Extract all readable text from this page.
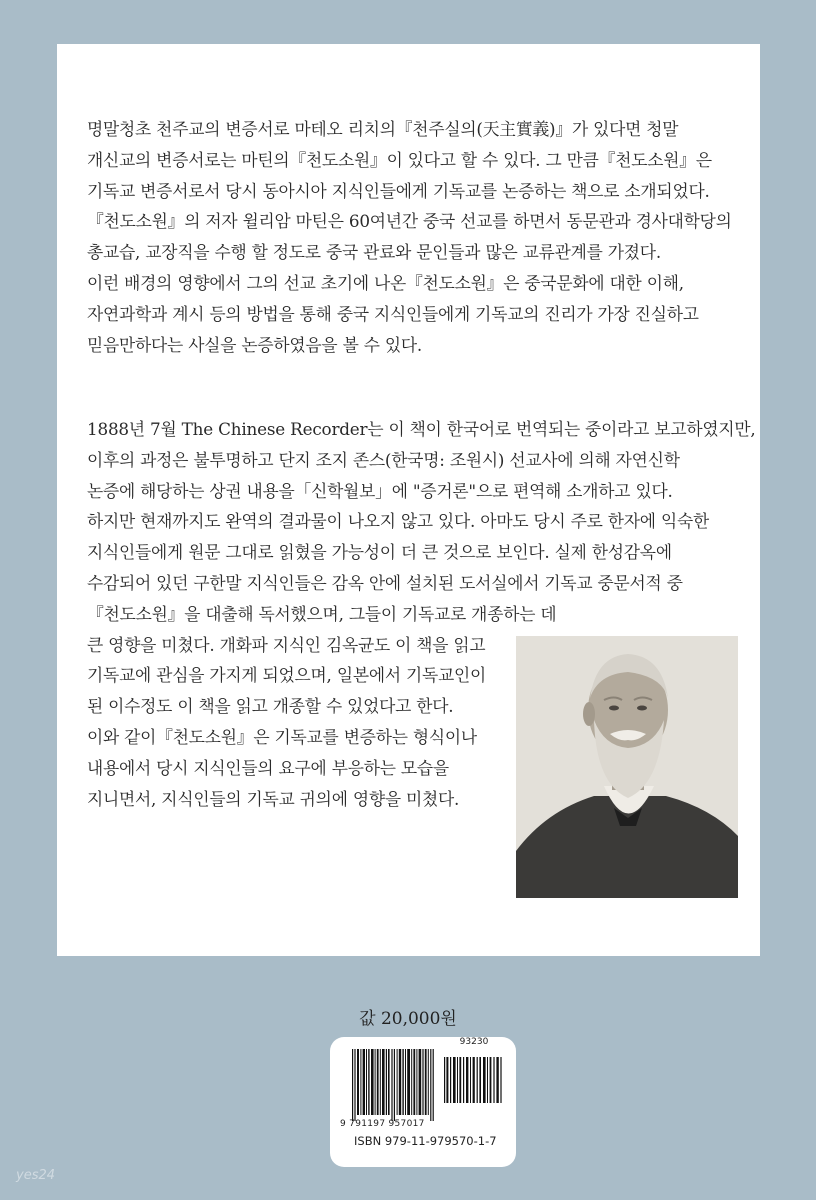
명말청초 천주교의 변증서로 마테오 리치의『천주실의(天主實義)』가 있다면 청말
개신교의 변증서로는 마틴의『천도소원』이 있다고 할 수 있다. 그 만큼『천도소원』은
기독교 변증서로서 당시 동아시아 지식인들에게 기독교를 논증하는 책으로 소개되었다.
『천도소원』의 저자 윌리암 마틴은 60여년간 중국 선교를 하면서 동문관과 경사대학당의
총교습, 교장직을 수행 할 정도로 중국 관료와 문인들과 많은 교류관계를 가졌다.
이런 배경의 영향에서 그의 선교 초기에 나온『천도소원』은 중국문화에 대한 이해,
자연과학과 계시 등의 방법을 통해 중국 지식인들에게 기독교의 진리가 가장 진실하고
믿음만하다는 사실을 논증하였음을 볼 수 있다.
1888년 7월 The Chinese Recorder는 이 책이 한국어로 번역되는 중이라고 보고하였지만,
이후의 과정은 불투명하고 단지 조지 존스(한국명: 조원시) 선교사에 의해 자연신학
논증에 해당하는 상권 내용을「신학월보」에 "증거론"으로 편역해 소개하고 있다.
하지만 현재까지도 완역의 결과물이 나오지 않고 있다. 아마도 당시 주로 한자에 익숙한
지식인들에게 원문 그대로 읽혔을 가능성이 더 큰 것으로 보인다. 실제 한성감옥에
수감되어 있던 구한말 지식인들은 감옥 안에 설치된 도서실에서 기독교 중문서적 중
『천도소원』을 대출해 독서했으며, 그들이 기독교로 개종하는 데
큰 영향을 미쳤다. 개화파 지식인 김옥균도 이 책을 읽고
기독교에 관심을 가지게 되었으며, 일본에서 기독교인이
된 이수정도 이 책을 읽고 개종할 수 있었다고 한다.
이와 같이『천도소원』은 기독교를 변증하는 형식이나
내용에서 당시 지식인들의 요구에 부응하는 모습을
지니면서, 지식인들의 기독교 귀의에 영향을 미쳤다.
값 20,000원
93230
9 791197 957017
ISBN 979-11-979570-1-7
yes24
